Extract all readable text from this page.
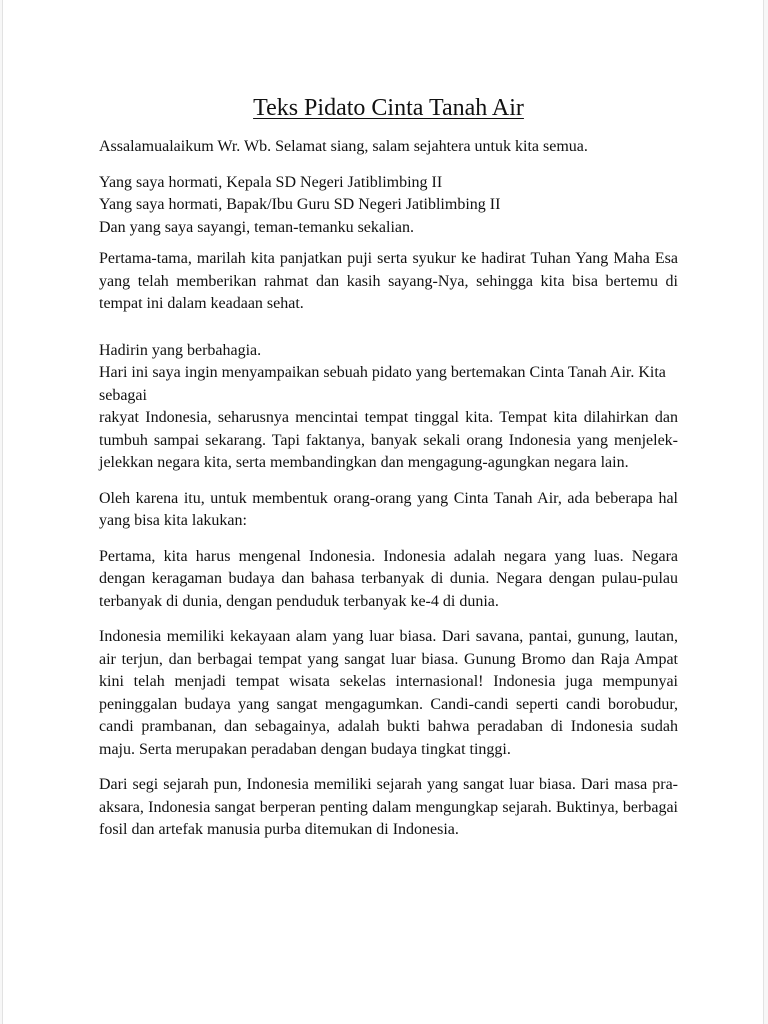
Teks Pidato Cinta Tanah Air

Assalamualaikum Wr. Wb. Selamat siang, salam sejahtera untuk kita semua.

Yang saya hormati, Kepala SD Negeri Jatiblimbing II
Yang saya hormati, Bapak/Ibu Guru SD Negeri Jatiblimbing II
Dan yang saya sayangi, teman-temanku sekalian.

Pertama-tama, marilah kita panjatkan puji serta syukur ke hadirat Tuhan Yang Maha Esa yang telah memberikan rahmat dan kasih sayang-Nya, sehingga kita bisa bertemu di tempat ini dalam keadaan sehat.

Hadirin yang berbahagia.

Hari ini saya ingin menyampaikan sebuah pidato yang bertemakan Cinta Tanah Air. Kita sebagai

rakyat Indonesia, seharusnya mencintai tempat tinggal kita. Tempat kita dilahirkan dan tumbuh sampai sekarang. Tapi faktanya, banyak sekali orang Indonesia yang menjelek-jelekkan negara kita, serta membandingkan dan mengagung-agungkan negara lain.

Oleh karena itu, untuk membentuk orang-orang yang Cinta Tanah Air, ada beberapa hal yang bisa kita lakukan:

Pertama, kita harus mengenal Indonesia. Indonesia adalah negara yang luas. Negara dengan keragaman budaya dan bahasa terbanyak di dunia. Negara dengan pulau-pulau terbanyak di dunia, dengan penduduk terbanyak ke-4 di dunia.

Indonesia memiliki kekayaan alam yang luar biasa. Dari savana, pantai, gunung, lautan, air terjun, dan berbagai tempat yang sangat luar biasa. Gunung Bromo dan Raja Ampat kini telah menjadi tempat wisata sekelas internasional! Indonesia juga mempunyai peninggalan budaya yang sangat mengagumkan. Candi-candi seperti candi borobudur, candi prambanan, dan sebagainya, adalah bukti bahwa peradaban di Indonesia sudah maju. Serta merupakan peradaban dengan budaya tingkat tinggi.

Dari segi sejarah pun, Indonesia memiliki sejarah yang sangat luar biasa. Dari masa pra-aksara, Indonesia sangat berperan penting dalam mengungkap sejarah. Buktinya, berbagai fosil dan artefak manusia purba ditemukan di Indonesia.
